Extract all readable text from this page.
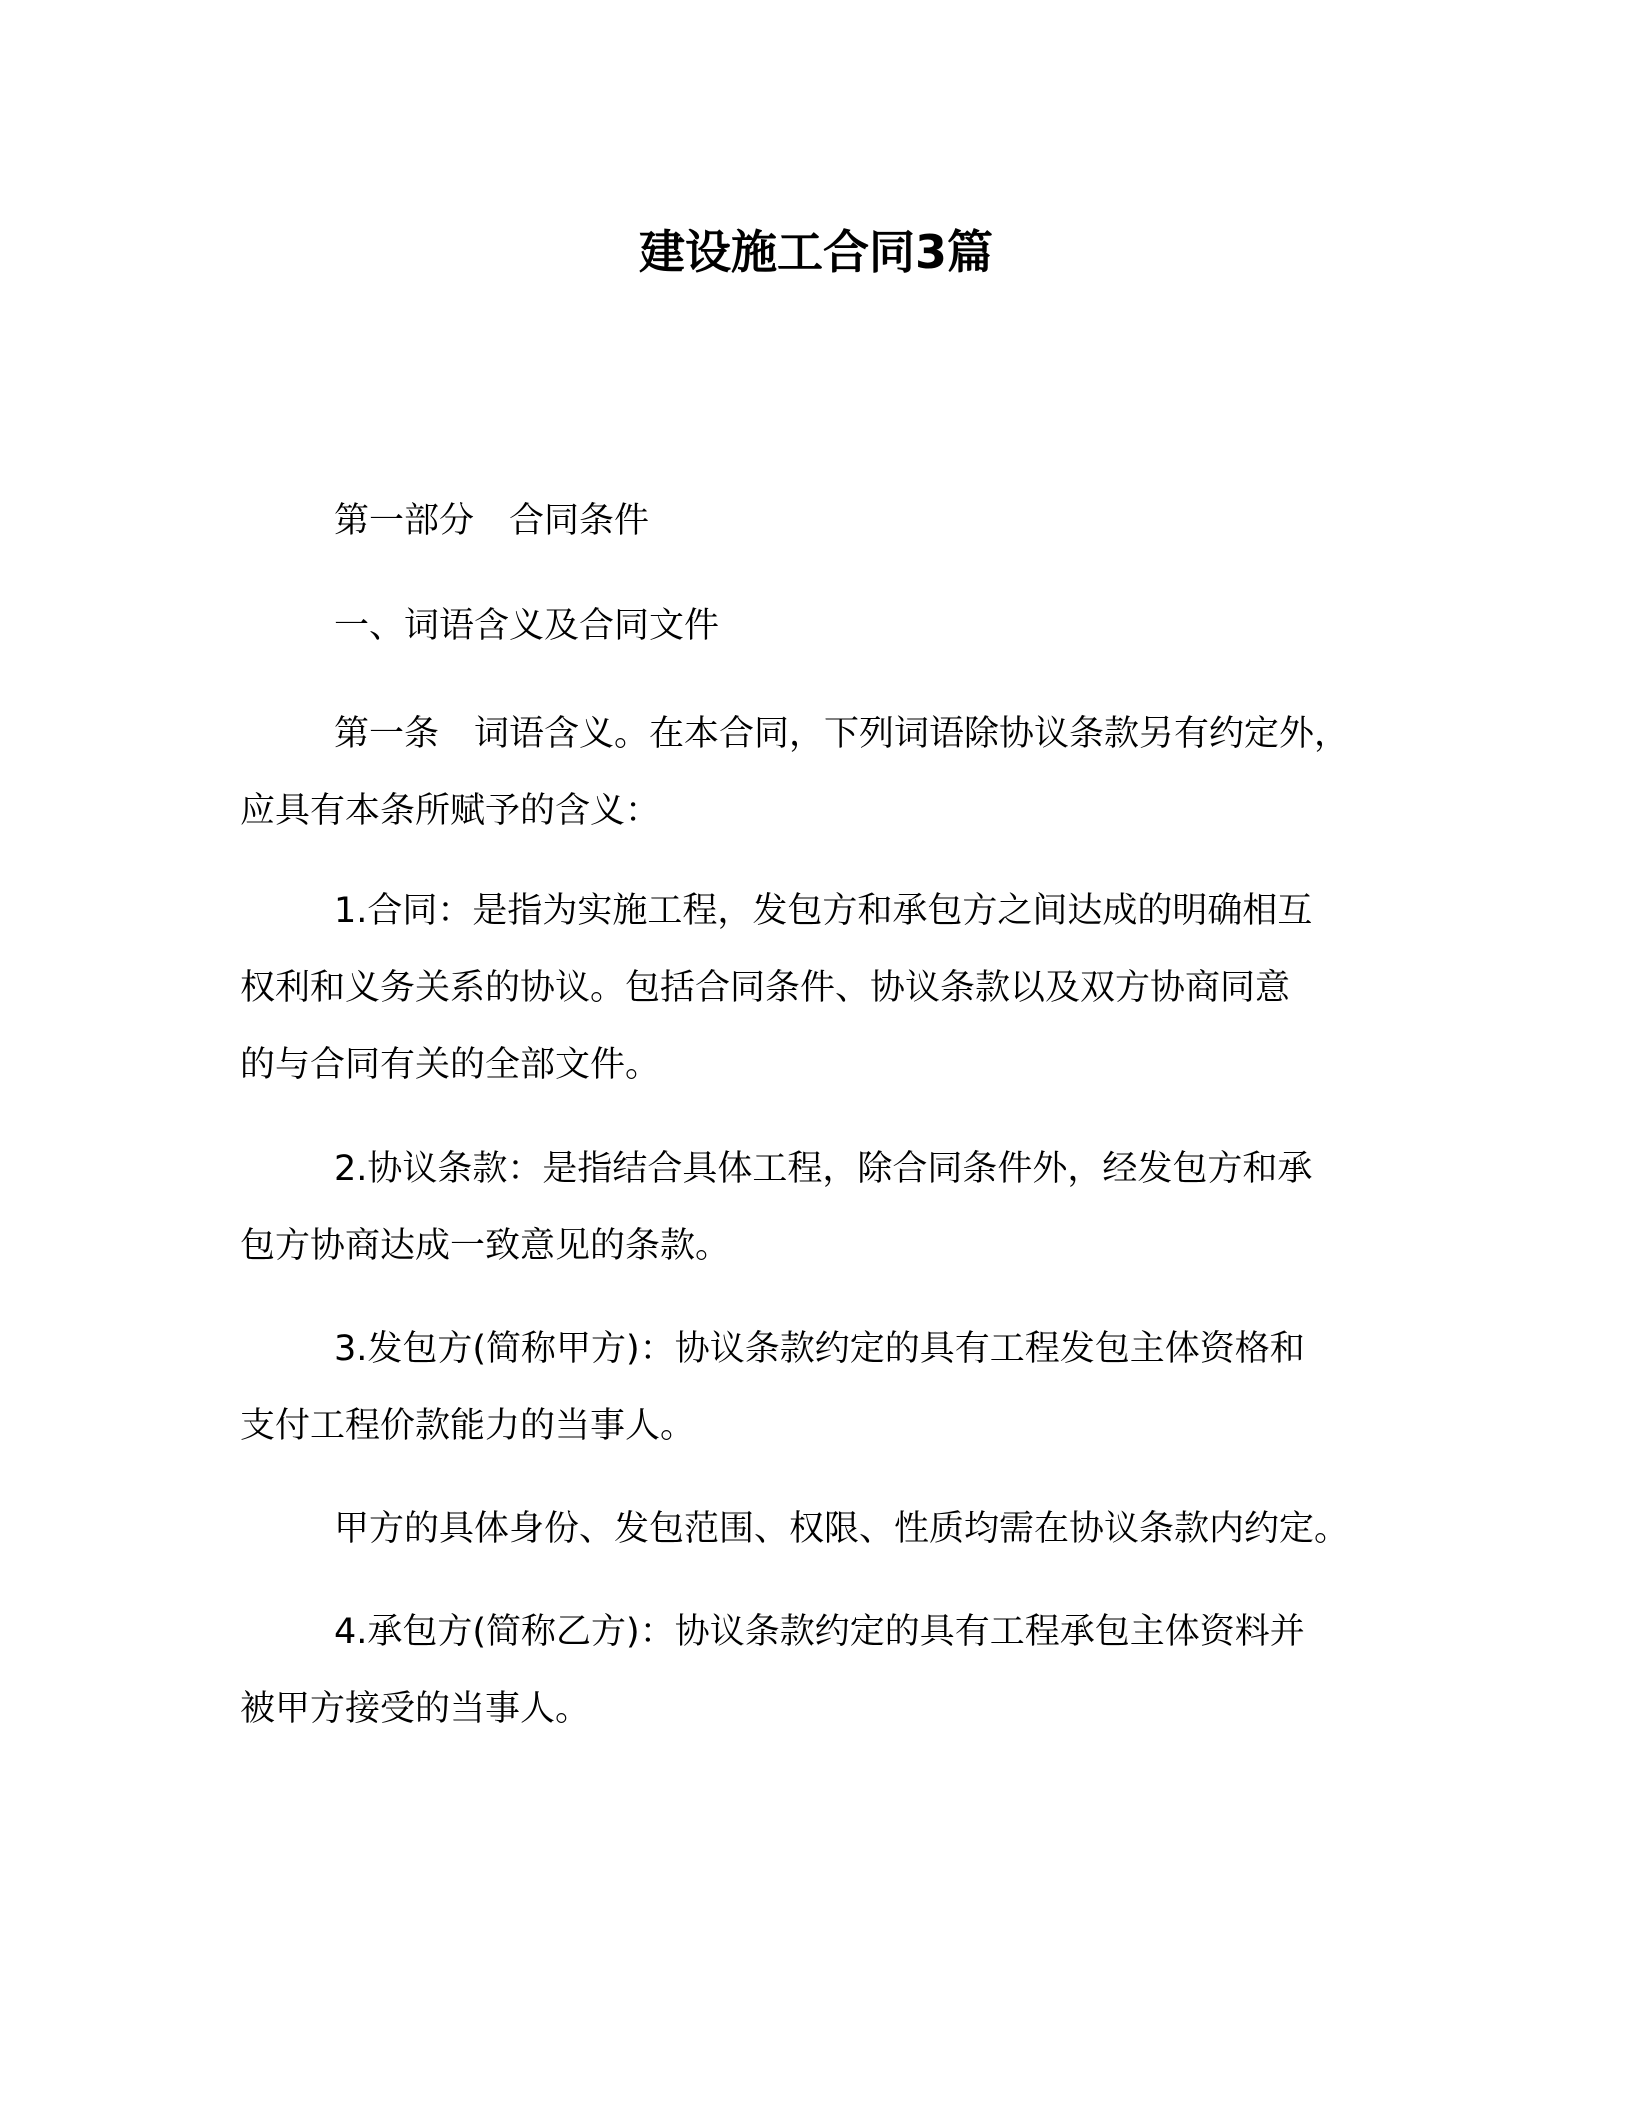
建设施工合同3篇
第一部分　合同条件
一、词语含义及合同文件
第一条　词语含义。在本合同，下列词语除协议条款另有约定外，
应具有本条所赋予的含义：
1.合同：是指为实施工程，发包方和承包方之间达成的明确相互
权利和义务关系的协议。包括合同条件、协议条款以及双方协商同意
的与合同有关的全部文件。
2.协议条款：是指结合具体工程，除合同条件外，经发包方和承
包方协商达成一致意见的条款。
3.发包方(简称甲方)：协议条款约定的具有工程发包主体资格和
支付工程价款能力的当事人。
甲方的具体身份、发包范围、权限、性质均需在协议条款内约定。
4.承包方(简称乙方)：协议条款约定的具有工程承包主体资料并
被甲方接受的当事人。
